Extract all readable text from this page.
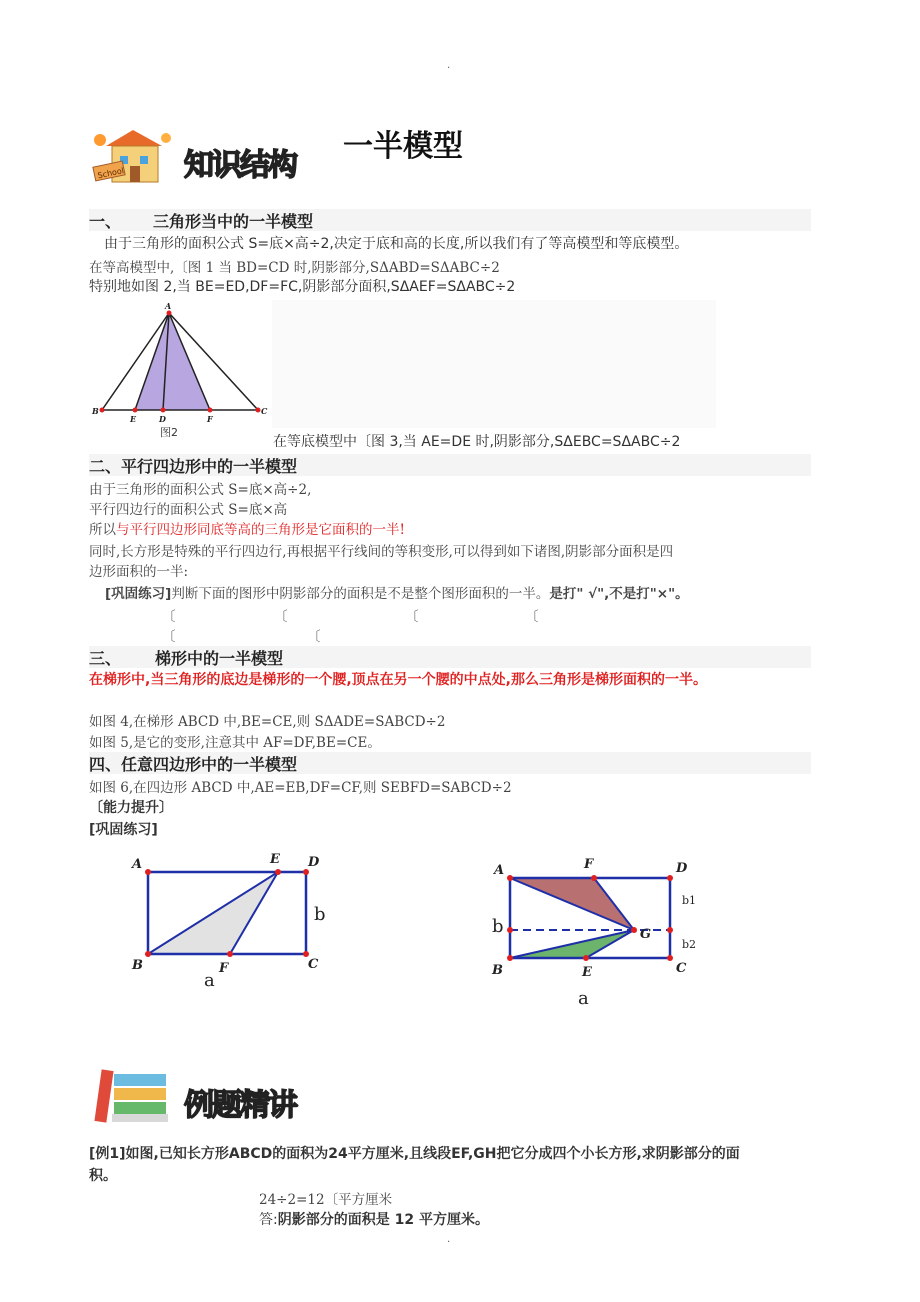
.
.
School 知识结构
一半模型
一、 三角形当中的一半模型
由于三角形的面积公式 S=底×高÷2,决定于底和高的长度,所以我们有了等高模型和等底模型。
在等高模型中,〔图 1 当 BD=CD 时,阴影部分,SΔABD=SΔABC÷2
特别地如图 2,当 BE=ED,DF=FC,阴影部分面积,SΔAEF=SΔABC÷2
A
B
E	D	F
C
图2
在等底模型中〔图 3,当 AE=DE 时,阴影部分,SΔEBC=SΔABC÷2
二、平行四边形中的一半模型
由于三角形的面积公式 S=底×高÷2,
平行四边行的面积公式 S=底×高
所以与平行四边形同底等高的三角形是它面积的一半!
同时,长方形是特殊的平行四边行,再根据平行线间的等积变形,可以得到如下诸图,阴影部分面积是四
边形面积的一半:
[巩固练习]判断下面的图形中阴影部分的面积是不是整个图形面积的一半。是打" √",不是打"×"。
〔	〔	〔	〔
〔	〔
三、 梯形中的一半模型
在梯形中,当三角形的底边是梯形的一个腰,顶点在另一个腰的中点处,那么三角形是梯形面积的一半。
如图 4,在梯形 ABCD 中,BE=CE,则 SΔADE=SABCD÷2
如图 5,是它的变形,注意其中 AF=DF,BE=CE。
四、任意四边形中的一半模型
如图 6,在四边形 ABCD 中,AE=EB,DF=CF,则 SEBFD=SABCD÷2
〔能力提升〕
[巩固练习]
A	E D
B	F	C
a
b
A	F	D
G
B	E	C
a
b
b1
b2
例题精讲
[例1]如图,已知长方形ABCD的面积为24平方厘米,且线段EF,GH把它分成四个小长方形,求阴影部分的面
积。
24÷2=12〔平方厘米
答:阴影部分的面积是 12 平方厘米。
